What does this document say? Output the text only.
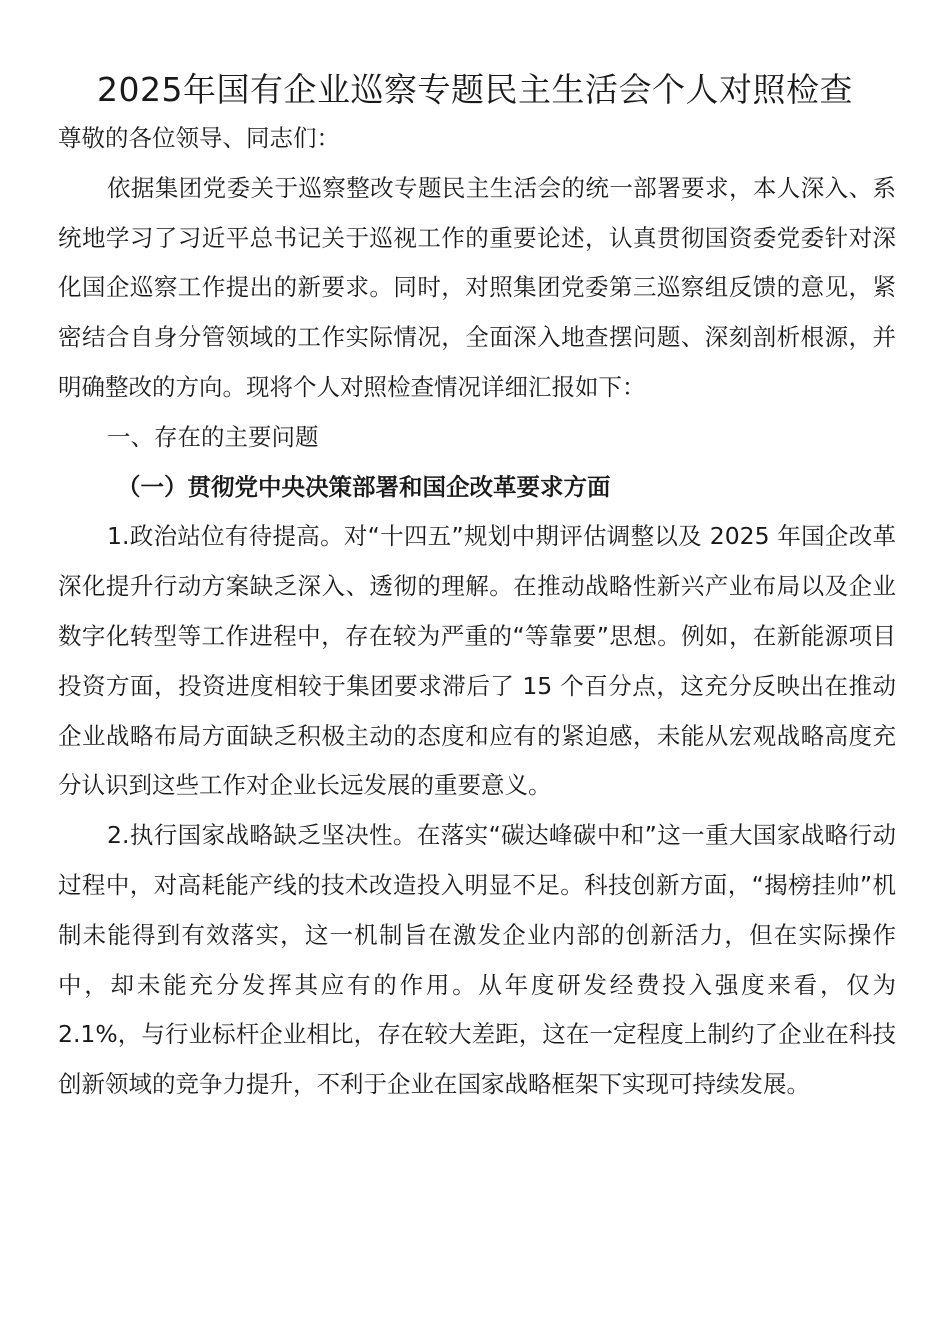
2025年国有企业巡察专题民主生活会个人对照检查

尊敬的各位领导、同志们：

依据集团党委关于巡察整改专题民主生活会的统一部署要求，本人深入、系统地学习了习近平总书记关于巡视工作的重要论述，认真贯彻国资委党委针对深化国企巡察工作提出的新要求。同时，对照集团党委第三巡察组反馈的意见，紧密结合自身分管领域的工作实际情况，全面深入地查摆问题、深刻剖析根源，并明确整改的方向。现将个人对照检查情况详细汇报如下：

一、存在的主要问题

（一）贯彻党中央决策部署和国企改革要求方面

1.政治站位有待提高。对“十四五”规划中期评估调整以及 2025 年国企改革深化提升行动方案缺乏深入、透彻的理解。在推动战略性新兴产业布局以及企业数字化转型等工作进程中，存在较为严重的“等靠要”思想。例如，在新能源项目投资方面，投资进度相较于集团要求滞后了 15 个百分点，这充分反映出在推动企业战略布局方面缺乏积极主动的态度和应有的紧迫感，未能从宏观战略高度充分认识到这些工作对企业长远发展的重要意义。

2.执行国家战略缺乏坚决性。在落实“碳达峰碳中和”这一重大国家战略行动过程中，对高耗能产线的技术改造投入明显不足。科技创新方面，“揭榜挂帅”机制未能得到有效落实，这一机制旨在激发企业内部的创新活力，但在实际操作中，却未能充分发挥其应有的作用。从年度研发经费投入强度来看，仅为 2.1%，与行业标杆企业相比，存在较大差距，这在一定程度上制约了企业在科技创新领域的竞争力提升，不利于企业在国家战略框架下实现可持续发展。
